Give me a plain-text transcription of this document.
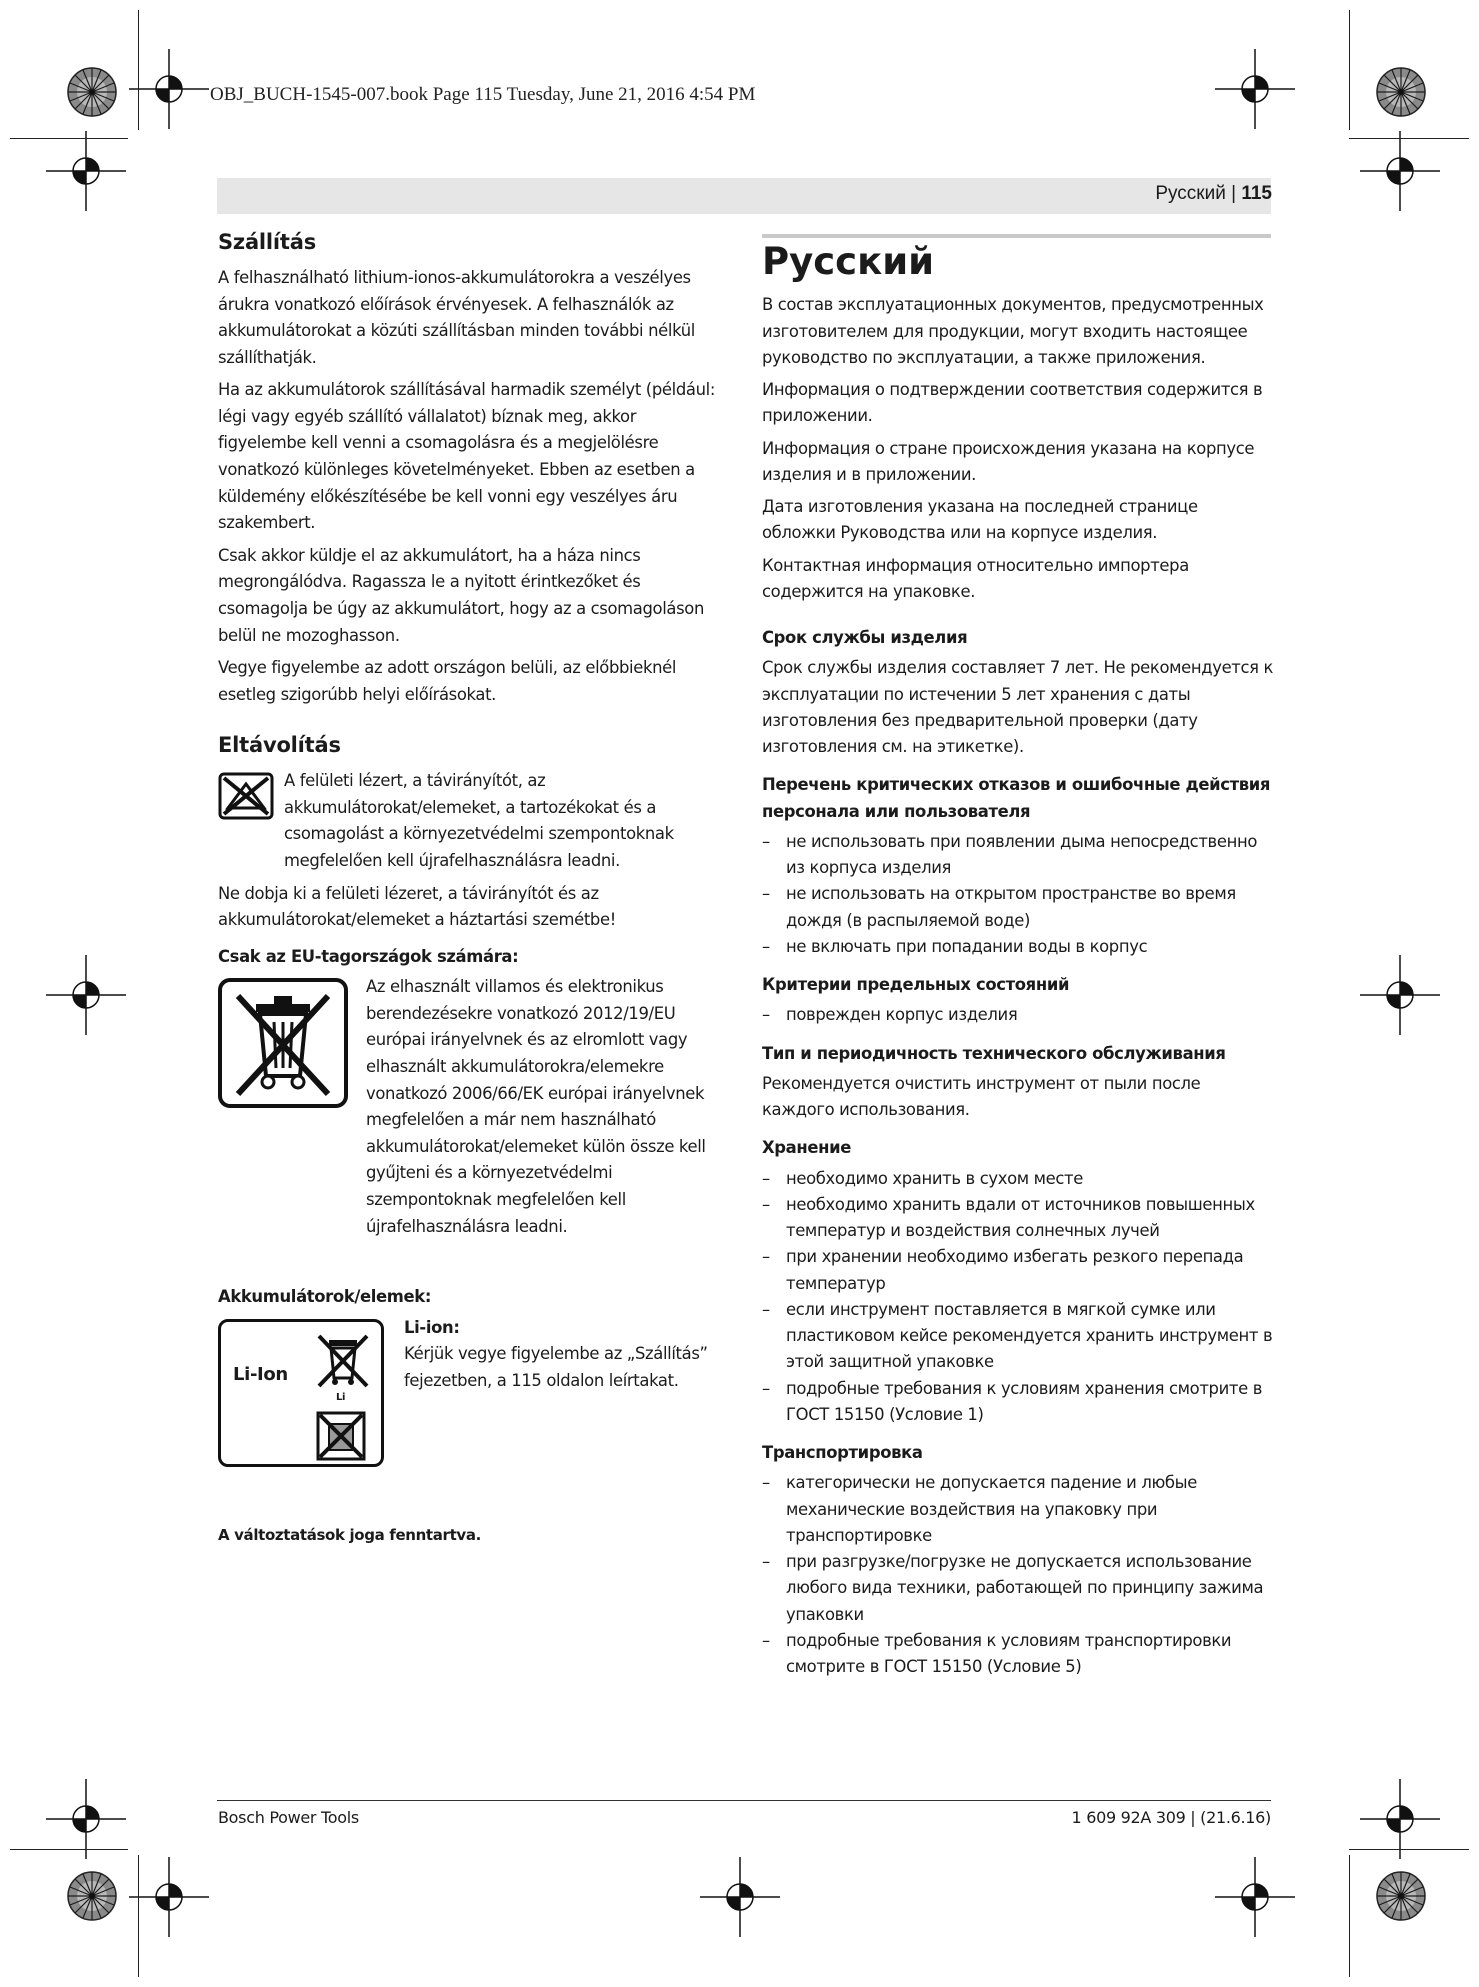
OBJ_BUCH-1545-007.book Page 115 Tuesday, June 21, 2016 4:54 PM
Русский | 115
Szállítás

A felhasználható lithium-ionos-akkumulátorokra a veszélyes árukra vonatkozó előírások érvényesek. A felhasználók az akkumulátorokat a közúti szállításban minden további nélkül szállíthatják.

Ha az akkumulátorok szállításával harmadik személyt (például: légi vagy egyéb szállító vállalatot) bíznak meg, akkor figyelembe kell venni a csomagolásra és a megjelölésre vonatkozó különleges követelményeket. Ebben az esetben a küldemény előkészítésébe be kell vonni egy veszélyes áru szakembert.

Csak akkor küldje el az akkumulátort, ha a háza nincs megrongálódva. Ragassza le a nyitott érintkezőket és csomagolja be úgy az akkumulátort, hogy az a csomagoláson belül ne mozoghasson.

Vegye figyelembe az adott országon belüli, az előbbieknél esetleg szigorúbb helyi előírásokat.

Eltávolítás

A felületi lézert, a távirányítót, az akkumulátorokat/elemeket, a tartozékokat és a csomagolást a környezetvédelmi szempontoknak megfelelően kell újrafelhasználásra leadni.

Ne dobja ki a felületi lézeret, a távirányítót és az akkumulátorokat/elemeket a háztartási szemétbe!

Csak az EU-tagországok számára:

Az elhasznált villamos és elektronikus berendezésekre vonatkozó 2012/19/EU európai irányelvnek és az elromlott vagy elhasznált akkumulátorokra/elemekre vonatkozó 2006/66/EK európai irányelvnek megfelelően a már nem használható akkumulátorokat/elemeket külön össze kell gyűjteni és a környezetvédelmi szempontoknak megfelelően kell újrafelhasználásra leadni.

Akkumulátorok/elemek:
Li-Ion
Li
Li-ion:

Kérjük vegye figyelembe az „Szállítás” fejezetben, a 115 oldalon leírtakat.

A változtatások joga fenntartva.

Русский

В состав эксплуатационных документов, предусмотренных изготовителем для продукции, могут входить настоящее руководство по эксплуатации, а также приложения.

Информация о подтверждении соответствия содержится в приложении.

Информация о стране происхождения указана на корпусе изделия и в приложении.

Дата изготовления указана на последней странице обложки Руководства или на корпусе изделия.

Контактная информация относительно импортера содержится на упаковке.

Срок службы изделия

Срок службы изделия составляет 7 лет. Не рекомендуется к эксплуатации по истечении 5 лет хранения с даты изготовления без предварительной проверки (дату изготовления см. на этикетке).

Перечень критических отказов и ошибочные действия персонала или пользователя
– не использовать при появлении дыма непосредственно из корпуса изделия
– не использовать на открытом пространстве во время дождя (в распыляемой воде)
– не включать при попадании воды в корпус
Критерии предельных состояний
– поврежден корпус изделия
Тип и периодичность технического обслуживания

Рекомендуется очистить инструмент от пыли после каждого использования.

Хранение
– необходимо хранить в сухом месте
– необходимо хранить вдали от источников повышенных температур и воздействия солнечных лучей
– при хранении необходимо избегать резкого перепада температур
– если инструмент поставляется в мягкой сумке или пластиковом кейсе рекомендуется хранить инструмент в этой защитной упаковке
– подробные требования к условиям хранения смотрите в ГОСТ 15150 (Условие 1)
Транспортировка
– категорически не допускается падение и любые механические воздействия на упаковку при транспортировке
– при разгрузке/погрузке не допускается использование любого вида техники, работающей по принципу зажима упаковки
– подробные требования к условиям транспортировки смотрите в ГОСТ 15150 (Условие 5)
Bosch Power Tools	1 609 92A 309 | (21.6.16)
